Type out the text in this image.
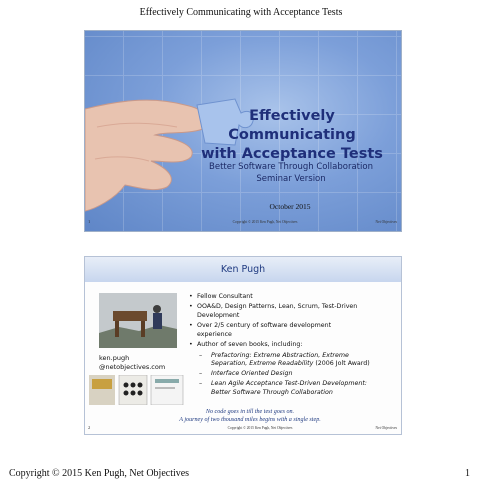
Effectively Communicating with Acceptance Tests
Effectively Communicating
with Acceptance Tests
Better Software Through Collaboration
Seminar Version
October 2015
1	Copyright © 2015 Ken Pugh, Net Objectives	Net Objectives
Ken Pugh
ken.pugh
@netobjectives.com
• Fellow Consultant
• OOA&D, Design Patterns, Lean, Scrum, Test-Driven
Development
• Over 2/5 century of software development
experience
• Author of seven books, including:
–	Prefactoring: Extreme Abstraction, Extreme
Separation, Extreme Readability (2006 Jolt Award)
–	Interface Oriented Design
–	Lean Agile Acceptance Test-Driven Development:
Better Software Through Collaboration
No code goes in till the test goes on.
A journey of two thousand miles begins with a single step.
2	Copyright © 2015 Ken Pugh, Net Objectives	Net Objectives
Copyright © 2015 Ken Pugh, Net Objectives	1
